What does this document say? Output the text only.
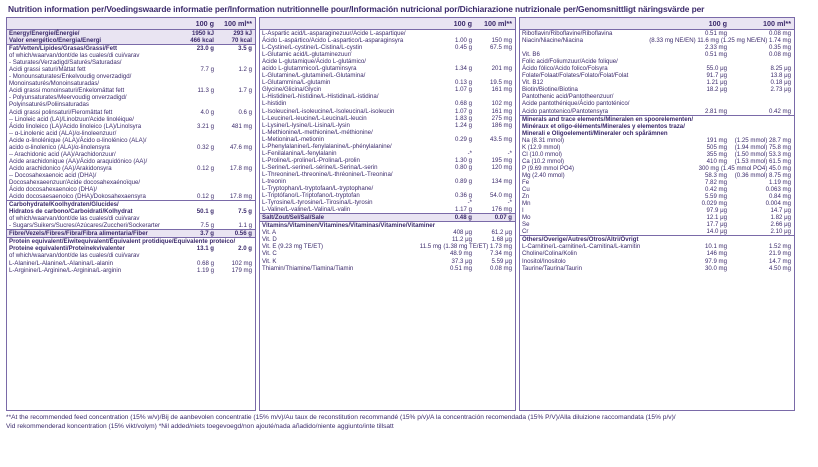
Nutrition information per/Voedingswaarde informatie per/Information nutritionnelle pour/Información nutricional por/Dichiarazione nutrizionale per/Genomsnittligt näringsvärde per
100 g	100 ml**
Energy/Energie/Énergie/	1950 kJ	293 kJ
Valor energético/Energia/Energi	466 kcal	70 kcal
Fat/Vetten/Lipides/Grasas/Grassi/Fett	23.0 g	3.5 g
of which/waarvan/dont/de las cuales/di cui/varav
- Saturates/Verzadigd/Saturés/Saturadas/
Acidi grassi saturi/Mättat fett	7.7 g	1.2 g
- Monounsaturates/Enkelvoudig onverzadigd/
Monoinsaturés/Monoinsaturadas/
Acidi grassi monoinsaturi/Enkelomättat fett	11.3 g	1.7 g
- Polyunsaturates/Meervoudig onverzadigd/
Polyinsaturés/Poliinsaturadas
Acidi grassi polinsaturi/Fleromättat fett	4.0 g	0.6 g
-- Linoleic acid (LA)/Linolzuur/Acide linoléique/
Ácido linoleico (LA)/Acido linoleico (LA)/Linolsyra	3.21 g	481 mg
-- α-Linolenic acid (ALA)/α-linoleenzuur/
Acide α-linolénique (ALA)/Ácido α-linolénico (ALA)/
acido α-linolenico (ALA)/α-linolensyra	0.32 g	47.6 mg
-- Arachidonic acid (AA)/Arachidonzuur/
Acide arachidonique (AA)/Ácido araquidónico (AA)/
Acido arachidonico (AA)/Arakidonsyra	0.12 g	17.8 mg
-- Docosahexaenoic acid (DHA)/
Docosahexaeenzuur/Acide docosahexaénoïque/
Ácido docosahexaenoico (DHA)/
Acido docosaesaenoico (DHA)/Dokosahexaensyra	0.12 g	17.8 mg
Carbohydrate/Koolhydraten/Glucides/
Hidratos de carbono/Carboidrati/Kolhydrat	50.1 g	7.5 g
of which/waarvan/dont/de las cuales/di cui/varav
- Sugars/Suikers/Sucres/Azúcares/Zuccheri/Sockerarter	7.5 g	1.1 g
Fibre/Vezels/Fibres/Fibra/Fibra alimentaria/Fiber	3.7 g	0.56 g
Protein equivalent/Eiwitequivalent/Équivalent protidique/Equivalente proteico/
Proteine equivalenti/Proteinekvivalenter	13.1 g	2.0 g
of which/waarvan/dont/de las cuales/di cui/varav
L-Alanine/L-Alanine/L-Alanina/L-alanin	0.68 g	102 mg
L-Arginine/L-Arginine/L-Arginina/L-arginin	1.19 g	179 mg
100 g	100 ml**
L-Aspartic acid/L-asparaginezuur/Acide L-aspartique/
Ácido L-aspártico/Acido L-aspartico/L-asparaginsyra	1.00 g	150 mg
L-Cystine/L-cystine/L-Cistina/L-cystin	0.45 g	67.5 mg
L-Glutamic acid/L-glutaminezuur/
Acide L-glutamique/Ácido L-glutámico/
acido L-glutammico/L-glutaminsyra	1.34 g	201 mg
L-Glutamine/L-glutamine/L-Glutamina/
L-Glutammina/L-glutamin	0.13 g	19.5 mg
Glycine/Glicina/Glycin	1.07 g	161 mg
L-Histidine/L-histidine/L-Histidina/L-istidina/
L-histidin	0.68 g	102 mg
L-Isoleucine/L-isoleucine/L-Isoleucina/L-isoleucin	1.07 g	161 mg
L-Leucine/L-leucine/L-Leucina/L-leucin	1.83 g	275 mg
L-Lysine/L-lysine/L-Lisina/L-lysin	1.24 g	186 mg
L-Methionine/L-methionine/L-méthionine/
L-Metionina/L-metionin	0.29 g	43.5 mg
L-Phenylalanine/L-fenylalanine/L-phénylalanine/
L-Fenilalanina/L-fenylalanin	-*	-*
L-Proline/L-proline/L-Prolina/L-prolin	1.30 g	195 mg
L-Serine/L-serine/L-sérine/L-Serina/L-serin	0.80 g	120 mg
L-Threonine/L-threonine/L-thréonine/L-Treonina/
L-treonin	0.89 g	134 mg
L-Tryptophan/L-tryptofaan/L-tryptophane/
L-Triptófano/L-Triptofano/L-tryptofan	0.36 g	54.0 mg
L-Tyrosine/L-tyrosine/L-Tirosina/L-tyrosin	-*	-*
L-Valine/L-valine/L-Valina/L-valin	1.17 g	176 mg
Salt/Zout/Sel/Sal/Sale	0.48 g	0.07 g
Vitamins/Vitaminen/Vitamines/Vitaminas/Vitamine/Vitaminer
Vit. A	408 μg	61.2 μg
Vit. D	11.2 μg	1.68 μg
Vit. E (9.23 mg TE/ET)	11.5 mg (1.38 mg TE/ET) 1.73 mg
Vit. C	48.9 mg	7.34 mg
Vit. K	37.3 μg	5.59 μg
Thiamin/Thiamine/Tiamina/Tiamin	0.51 mg	0.08 mg
100 g	100 ml**
Riboflavin/Riboflavine/Riboflavina	0.51 mg	0.08 mg
Niacin/Niacine/Niacina	(8.33 mg NE/EN) 11.6 mg (1.25 mg NE/EN) 1.74 mg
2.33 mg	0.35 mg
Vit. B6	0.51 mg	0.08 mg
Folic acid/Foliumzuur/Acide folique/
Ácido fólico/Acido folico/Folsyra	55.0 μg	8.25 μg
Folate/Folaat/Folates/Folato/Folat/Folat	91.7 μg	13.8 μg
Vit. B12	1.21 μg	0.18 μg
Biotin/Biotine/Biotina	18.2 μg	2.73 μg
Pantothenic acid/Pantotheenzuur/
Acide pantothénique/Ácido pantoténico/
Acido pantotenico/Pantotensyra	2.81 mg	0.42 mg
Minerals and trace elements/Mineralen en spoorelementen/
Minéraux et oligo-éléments/Minerales y elementos traza/
Minerali e Oligoelementi/Mineraler och spårämnen
Na (8.31 mmol)	191 mg	(1.25 mmol) 28.7 mg
K (12.9 mmol)	505 mg	(1.94 mmol) 75.8 mg
Cl (10.0 mmol)	355 mg	(1.50 mmol) 53.3 mg
Ca (10.2 mmol)	410 mg	(1.53 mmol) 61.5 mg
P (9.69 mmol PO4)	300 mg (1.45 mmol PO4) 45.0 mg
Mg (2.40 mmol)	58.3 mg	(0.36 mmol) 8.75 mg
Fe	7.82 mg	1.19 mg
Cu	0.42 mg	0.063 mg
Zn	5.59 mg	0.84 mg
Mn	0.029 mg	0.004 mg
I	97.9 μg	14.7 μg
Mo	12.1 μg	1.82 μg
Se	17.7 μg	2.66 μg
Cr	14.0 μg	2.10 μg
Others/Overige/Autres/Otros/Altri/Övrigt
L-Carnitine/L-carnitine/L-Carnitina/L-karnitin	10.1 mg	1.52 mg
Choline/Colina/Kolin	146 mg	21.9 mg
Inositol/Inositolo	97.9 mg	14.7 mg
Taurine/Taurina/Taurin	30.0 mg	4.50 mg
**At the recommended feed concentration (15% w/v)/Bij de aanbevolen concentratie (15% m/v)/Au taux de reconstitution recommandé (15% p/v)/A la concentración recomendada (15% P/V)/Alla diluizione raccomandata (15% p/v)/
Vid rekommenderad koncentration (15% vikt/volym) *Nil added/niets toegevoegd/non ajouté/nada añadido/niente aggiunto/inte tillsatt
